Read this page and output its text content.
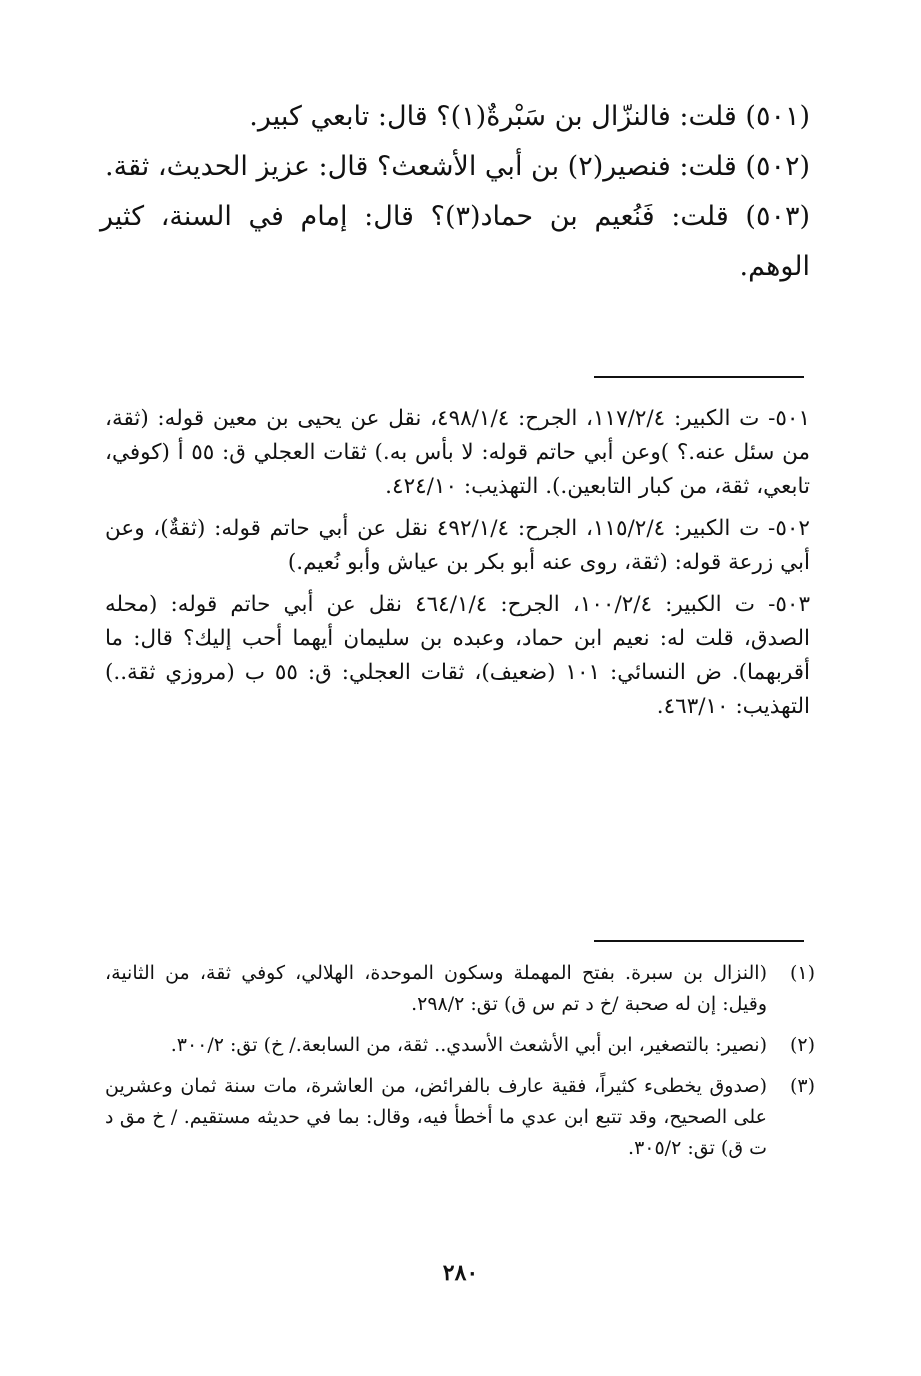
(٥٠١) قلت: فالنزّال بن سَبْرةٌ(١)؟ قال: تابعي كبير.

(٥٠٢) قلت: فنصير(٢) بن أبي الأشعث؟ قال: عزيز الحديث، ثقة.

(٥٠٣) قلت: فَنُعيم بن حماد(٣)؟ قال: إمام في السنة، كثير الوهم.

٥٠١- ت الكبير: ١١٧/٢/٤، الجرح: ٤٩٨/١/٤، نقل عن يحيى بن معين قوله: (ثقة، من سئل عنه.؟ )وعن أبي حاتم قوله: لا بأس به.) ثقات العجلي ق: ٥٥ أ (كوفي، تابعي، ثقة، من كبار التابعين.). التهذيب: ٤٢٤/١٠.

٥٠٢- ت الكبير: ١١٥/٢/٤، الجرح: ٤٩٢/١/٤ نقل عن أبي حاتم قوله: (ثقةٌ)، وعن أبي زرعة قوله: (ثقة، روى عنه أبو بكر بن عياش وأبو نُعيم.)

٥٠٣- ت الكبير: ١٠٠/٢/٤، الجرح: ٤٦٤/١/٤ نقل عن أبي حاتم قوله: (محله الصدق، قلت له: نعيم ابن حماد، وعبده بن سليمان أيهما أحب إليك؟ قال: ما أقربهما). ض النسائي: ١٠١ (ضعيف)، ثقات العجلي: ق: ٥٥ ب (مروزي ثقة..) التهذيب: ٤٦٣/١٠.

(١)
(النزال بن سبرة. بفتح المهملة وسكون الموحدة، الهلالي، كوفي ثقة، من الثانية، وقيل: إن له صحبة /خ د تم س ق) تق: ٢٩٨/٢.
(٢)
(نصير: بالتصغير، ابن أبي الأشعث الأسدي.. ثقة، من السابعة./ خ) تق: ٣٠٠/٢.
(٣)
(صدوق يخطىء كثيراً، فقية عارف بالفرائض، من العاشرة، مات سنة ثمان وعشرين على الصحيح، وقد تتبع ابن عدي ما أخطأ فيه، وقال: بما في حديثه مستقيم. / خ مق د ت ق) تق: ٣٠٥/٢.
٢٨٠
